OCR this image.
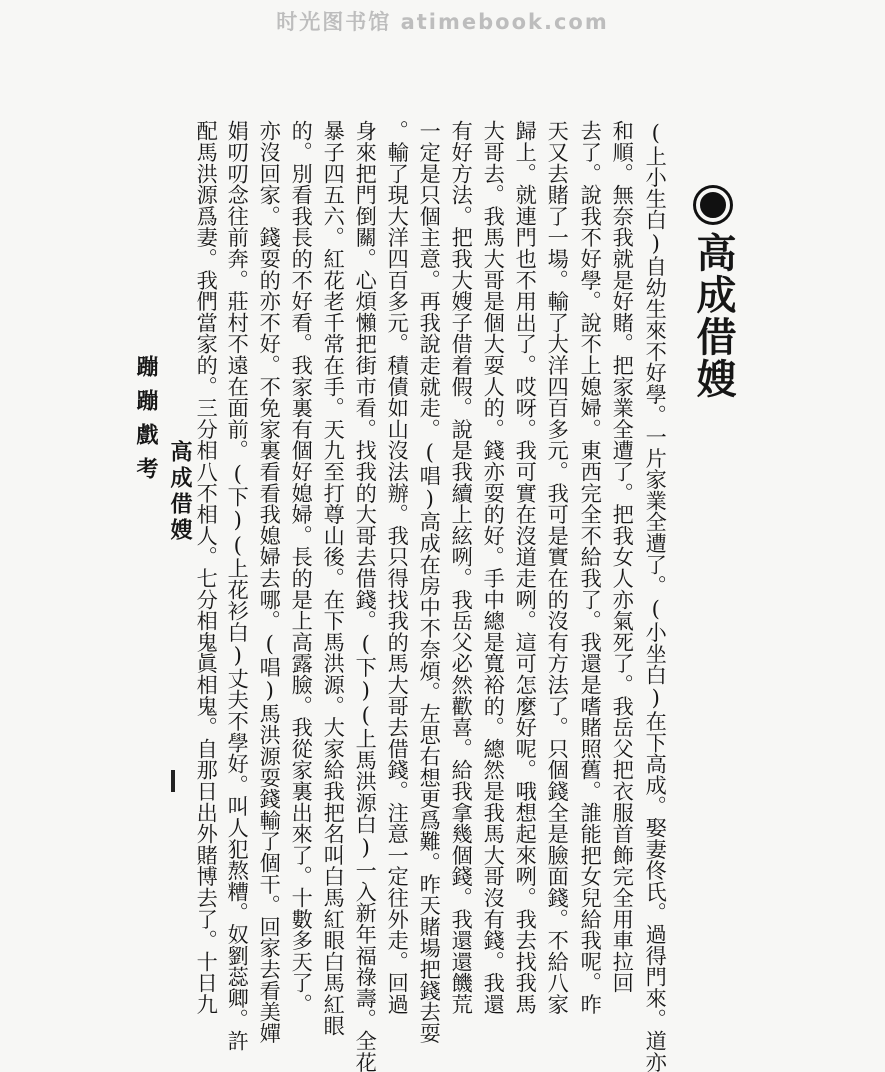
时光图书馆 atimebook.com
高成借嫂
(上小生白)自幼生來不好學。一片家業全遭了。(小坐白)在下高成。娶妻佟氏。過得門來。道亦
和順。無奈我就是好賭。把家業全遭了。把我女人亦氣死了。我岳父把衣服首飾完全用車拉回
去了。說我不好學。說不上媳婦。東西完全不給我了。我還是嗜賭照舊。誰能把女兒給我呢。昨
天又去賭了一場。輸了大洋四百多元。我可是實在的沒有方法了。只個錢全是臉面錢。不給八家
歸上。就連門也不用出了。哎呀。我可實在沒道走咧。這可怎麼好呢。哦想起來咧。我去找我馬
大哥去。我馬大哥是個大耍人的。錢亦耍的好。手中總是寬裕的。總然是我馬大哥沒有錢。我還
有好方法。把我大嫂子借着假。說是我續上絃咧。我岳父必然歡喜。給我拿幾個錢。我還還饑荒
一定是只個主意。再我說走就走。(唱)高成在房中不奈煩。左思右想更爲難。昨天賭場把錢去耍
。輸了現大洋四百多元。積債如山沒法辦。我只得找我的馬大哥去借錢。注意一定往外走。回過
身來把門倒關。心煩懶把街市看。找我的大哥去借錢。(下)(上馬洪源白)一入新年福祿壽。全花
暴子四五六。紅花老千常在手。天九至打尊山後。在下馬洪源。大家給我把名叫白馬紅眼白馬紅眼
的。別看我長的不好看。我家裏有個好媳婦。長的是上高露臉。我從家裏出來了。十數多天了。
亦沒回家。錢耍的亦不好。不免家裏看看我媳婦去哪。(唱)馬洪源耍錢輸了個干。回家去看美嬋
娟叨叨念往前奔。莊村不遠在面前。(下)(上花衫白)丈夫不學好。叫人犯熬糟。奴劉蕊卿。許
配馬洪源爲妻。我們當家的。三分相八不相人。七分相鬼眞相鬼。自那日出外賭博去了。十日九
蹦蹦戲考
高成借嫂
